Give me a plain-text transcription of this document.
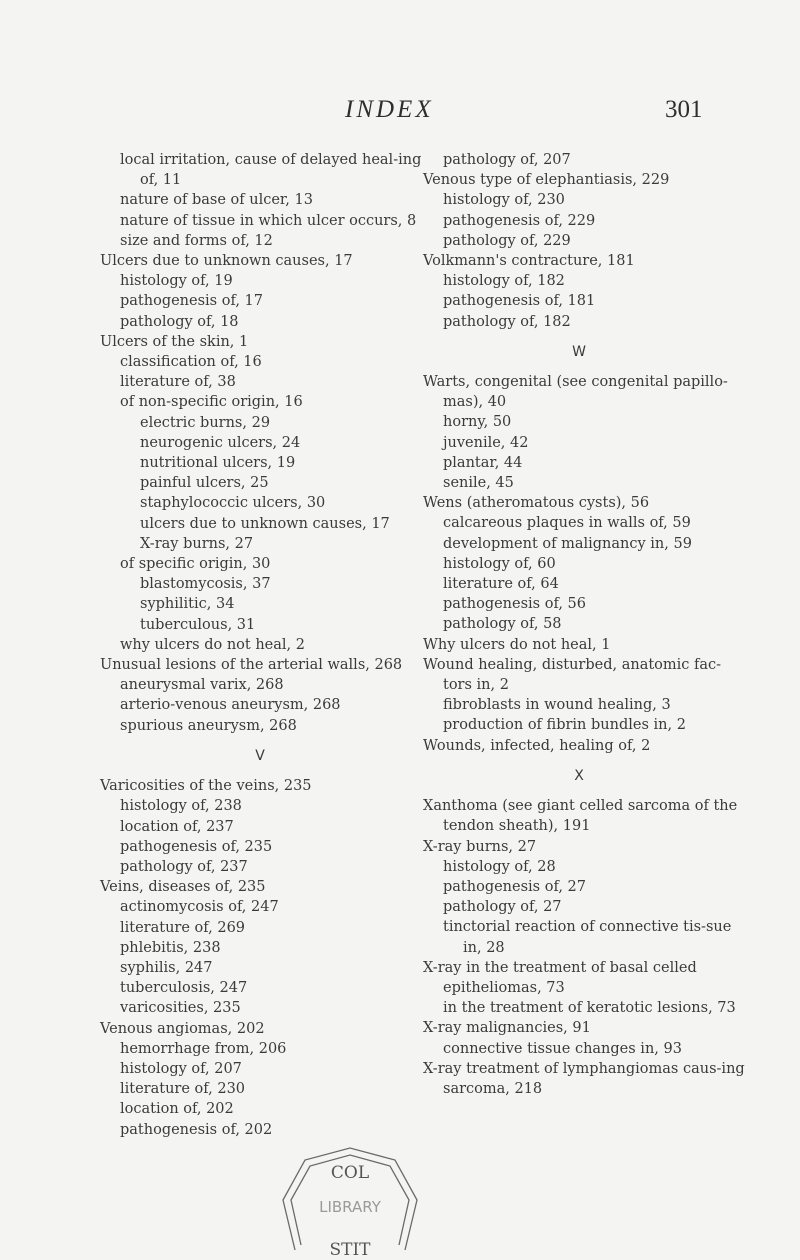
INDEX	301
local irritation, cause of delayed heal-ing of, 11
nature of base of ulcer, 13
nature of tissue in which ulcer occurs, 8
size and forms of, 12
Ulcers due to unknown causes, 17
histology of, 19
pathogenesis of, 17
pathology of, 18
Ulcers of the skin, 1
classification of, 16
literature of, 38
of non-specific origin, 16
electric burns, 29
neurogenic ulcers, 24
nutritional ulcers, 19
painful ulcers, 25
staphylococcic ulcers, 30
ulcers due to unknown causes, 17
X-ray burns, 27
of specific origin, 30
blastomycosis, 37
syphilitic, 34
tuberculous, 31
why ulcers do not heal, 2
Unusual lesions of the arterial walls, 268
aneurysmal varix, 268
arterio-venous aneurysm, 268
spurious aneurysm, 268
V
Varicosities of the veins, 235
histology of, 238
location of, 237
pathogenesis of, 235
pathology of, 237
Veins, diseases of, 235
actinomycosis of, 247
literature of, 269
phlebitis, 238
syphilis, 247
tuberculosis, 247
varicosities, 235
Venous angiomas, 202
hemorrhage from, 206
histology of, 207
literature of, 230
location of, 202
pathogenesis of, 202
pathology of, 207
Venous type of elephantiasis, 229
histology of, 230
pathogenesis of, 229
pathology of, 229
Volkmann's contracture, 181
histology of, 182
pathogenesis of, 181
pathology of, 182
W
Warts, congenital (see congenital papillo-mas), 40
horny, 50
juvenile, 42
plantar, 44
senile, 45
Wens (atheromatous cysts), 56
calcareous plaques in walls of, 59
development of malignancy in, 59
histology of, 60
literature of, 64
pathogenesis of, 56
pathology of, 58
Why ulcers do not heal, 1
Wound healing, disturbed, anatomic fac-tors in, 2
fibroblasts in wound healing, 3
production of fibrin bundles in, 2
Wounds, infected, healing of, 2
X
Xanthoma (see giant celled sarcoma of the tendon sheath), 191
X-ray burns, 27
histology of, 28
pathogenesis of, 27
pathology of, 27
tinctorial reaction of connective tis-sue in, 28
X-ray in the treatment of basal celled epitheliomas, 73
in the treatment of keratotic lesions, 73
X-ray malignancies, 91
connective tissue changes in, 93
X-ray treatment of lymphangiomas caus-ing sarcoma, 218
COL
LIBRARY
STIT
